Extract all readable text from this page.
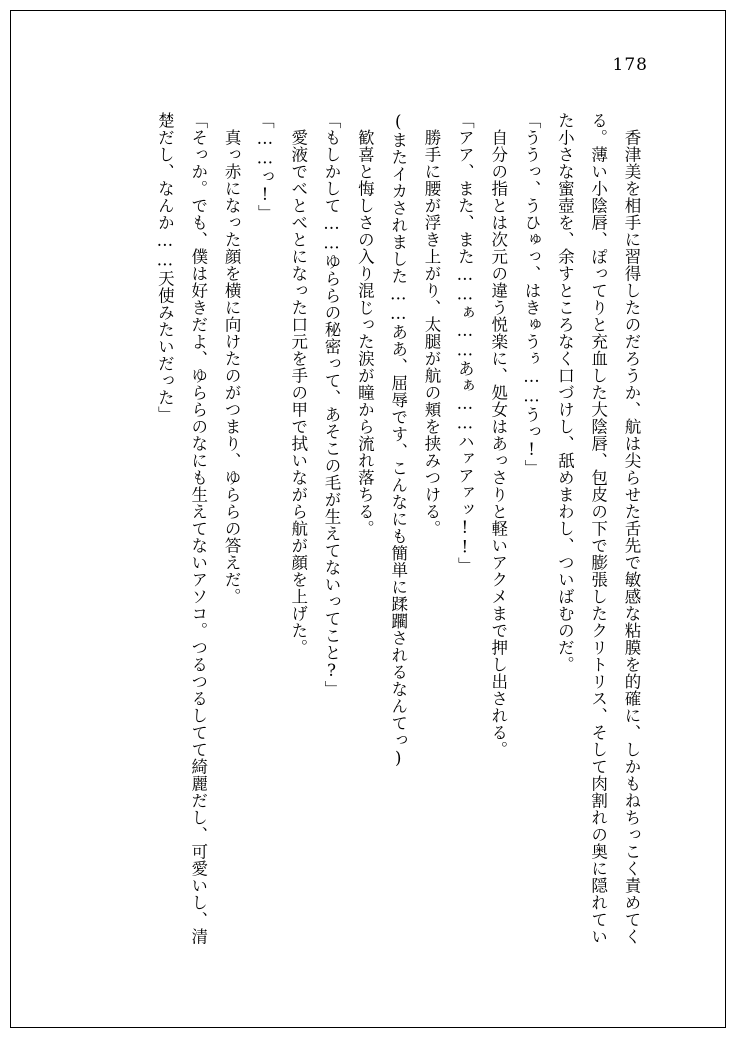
178

香津美を相手に習得したのだろうか、航は尖らせた舌先で敏感な粘膜を的確に、しかもねちっこく責めてくる。薄い小陰唇、ぽってりと充血した大陰唇、包皮の下で膨張したクリトリス、そして肉割れの奥に隠れていた小さな蜜壺を、余すところなく口づけし、舐めまわし、ついばむのだ。

「ううっ、うひゅっ、はきゅうぅ……うっ!」

自分の指とは次元の違う悦楽に、処女はあっさりと軽いアクメまで押し出される。

「アア、また、また……ぁ……あぁ……ハァアァッ!!」

勝手に腰が浮き上がり、太腿が航の頬を挟みつける。

(またイカされました……ああ、屈辱です、こんなにも簡単に蹂躙されるなんてっ)

歓喜と悔しさの入り混じった涙が瞳から流れ落ちる。

「もしかして……ゆららの秘密って、あそこの毛が生えてないってこと?」

愛液でべとべとになった口元を手の甲で拭いながら航が顔を上げた。

「……っ!」

真っ赤になった顔を横に向けたのがつまり、ゆららの答えだ。

「そっか。でも、僕は好きだよ、ゆららのなにも生えてないアソコ。つるつるしてて綺麗だし、可愛いし、清楚だし、なんか……天使みたいだった」
